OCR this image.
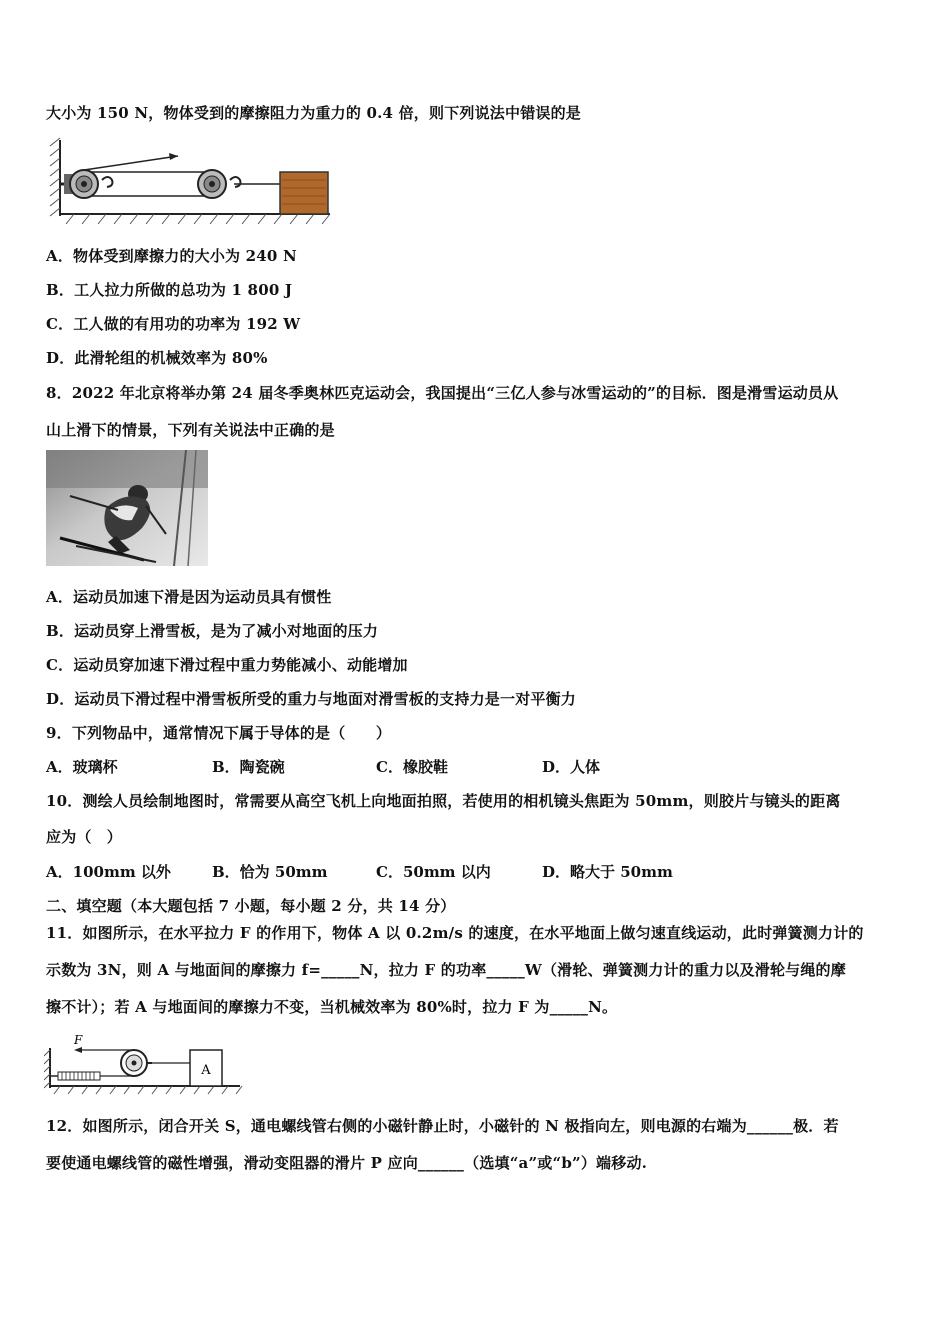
大小为 150 N，物体受到的摩擦阻力为重力的 0.4 倍，则下列说法中错误的是
A．物体受到摩擦力的大小为 240 N
B．工人拉力所做的总功为 1 800 J
C．工人做的有用功的功率为 192 W
D．此滑轮组的机械效率为 80%
8．2022 年北京将举办第 24 届冬季奥林匹克运动会，我国提出“三亿人参与冰雪运动的”的目标．图是滑雪运动员从
山上滑下的情景，下列有关说法中正确的是
A．运动员加速下滑是因为运动员具有惯性
B．运动员穿上滑雪板，是为了减小对地面的压力
C．运动员穿加速下滑过程中重力势能减小、动能增加
D．运动员下滑过程中滑雪板所受的重力与地面对滑雪板的支持力是一对平衡力
9．下列物品中，通常情况下属于导体的是（　　）
A．玻璃杯	B．陶瓷碗	C．橡胶鞋	D．人体
10．测绘人员绘制地图时，常需要从高空飞机上向地面拍照，若使用的相机镜头焦距为 50mm，则胶片与镜头的距离
应为（　）
A．100mm 以外	B．恰为 50mm	C．50mm 以内	D．略大于 50mm
二、填空题（本大题包括 7 小题，每小题 2 分，共 14 分）
11．如图所示，在水平拉力 F 的作用下，物体 A 以 0.2m/s 的速度，在水平地面上做匀速直线运动，此时弹簧测力计的
示数为 3N，则 A 与地面间的摩擦力 f=_____N，拉力 F 的功率_____W（滑轮、弹簧测力计的重力以及滑轮与绳的摩
擦不计）；若 A 与地面间的摩擦力不变，当机械效率为 80%时，拉力 F 为_____N。
A
F
12．如图所示，闭合开关 S，通电螺线管右侧的小磁针静止时，小磁针的 N 极指向左，则电源的右端为______极．若
要使通电螺线管的磁性增强，滑动变阻器的滑片 P 应向______（选填“a”或“b”）端移动.
